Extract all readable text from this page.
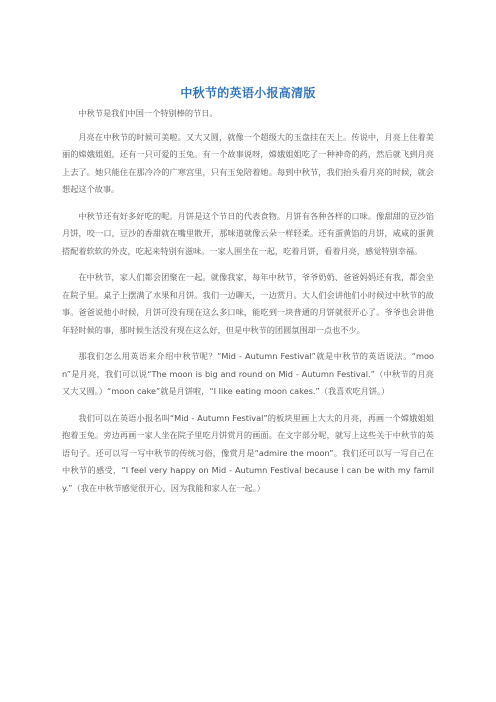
中秋节的英语小报高清版

中秋节是我们中国一个特别棒的节日。

月亮在中秋节的时候可美啦。又大又圆，就像一个超级大的玉盘挂在天上。传说中，月亮上住着美丽的嫦娥姐姐，还有一只可爱的玉兔。有一个故事说呀，嫦娥姐姐吃了一种神奇的药，然后就飞到月亮上去了。她只能住在那冷冷的广寒宫里，只有玉兔陪着她。每到中秋节，我们抬头看月亮的时候，就会想起这个故事。

中秋节还有好多好吃的呢。月饼是这个节日的代表食物。月饼有各种各样的口味。像甜甜的豆沙馅月饼，咬一口，豆沙的香甜就在嘴里散开，那味道就像云朵一样轻柔。还有蛋黄馅的月饼，咸咸的蛋黄搭配着软软的外皮，吃起来特别有滋味。一家人围坐在一起，吃着月饼，看着月亮，感觉特别幸福。

在中秋节，家人们都会团聚在一起。就像我家，每年中秋节，爷爷奶奶、爸爸妈妈还有我，都会坐在院子里。桌子上摆满了水果和月饼。我们一边聊天，一边赏月。大人们会讲他们小时候过中秋节的故事。爸爸说他小时候，月饼可没有现在这么多口味，能吃到一块普通的月饼就很开心了。爷爷也会讲他年轻时候的事，那时候生活没有现在这么好，但是中秋节的团圆氛围却一点也不少。

那我们怎么用英语来介绍中秋节呢？“Mid - Autumn Festival”就是中秋节的英语说法。“moon”是月亮，我们可以说“The moon is big and round on Mid - Autumn Festival.”（中秋节的月亮又大又圆。）“moon cake”就是月饼啦，“I like eating moon cakes.”（我喜欢吃月饼。）

我们可以在英语小报名叫“Mid - Autumn Festival”的板块里画上大大的月亮，再画一个嫦娥姐姐抱着玉兔。旁边再画一家人坐在院子里吃月饼赏月的画面。在文字部分呢，就写上这些关于中秋节的英语句子。还可以写一写中秋节的传统习俗，像赏月是“admire the moon”。我们还可以写一写自己在中秋节的感受，“I feel very happy on Mid - Autumn Festival because I can be with my family.”（我在中秋节感觉很开心，因为我能和家人在一起。）
